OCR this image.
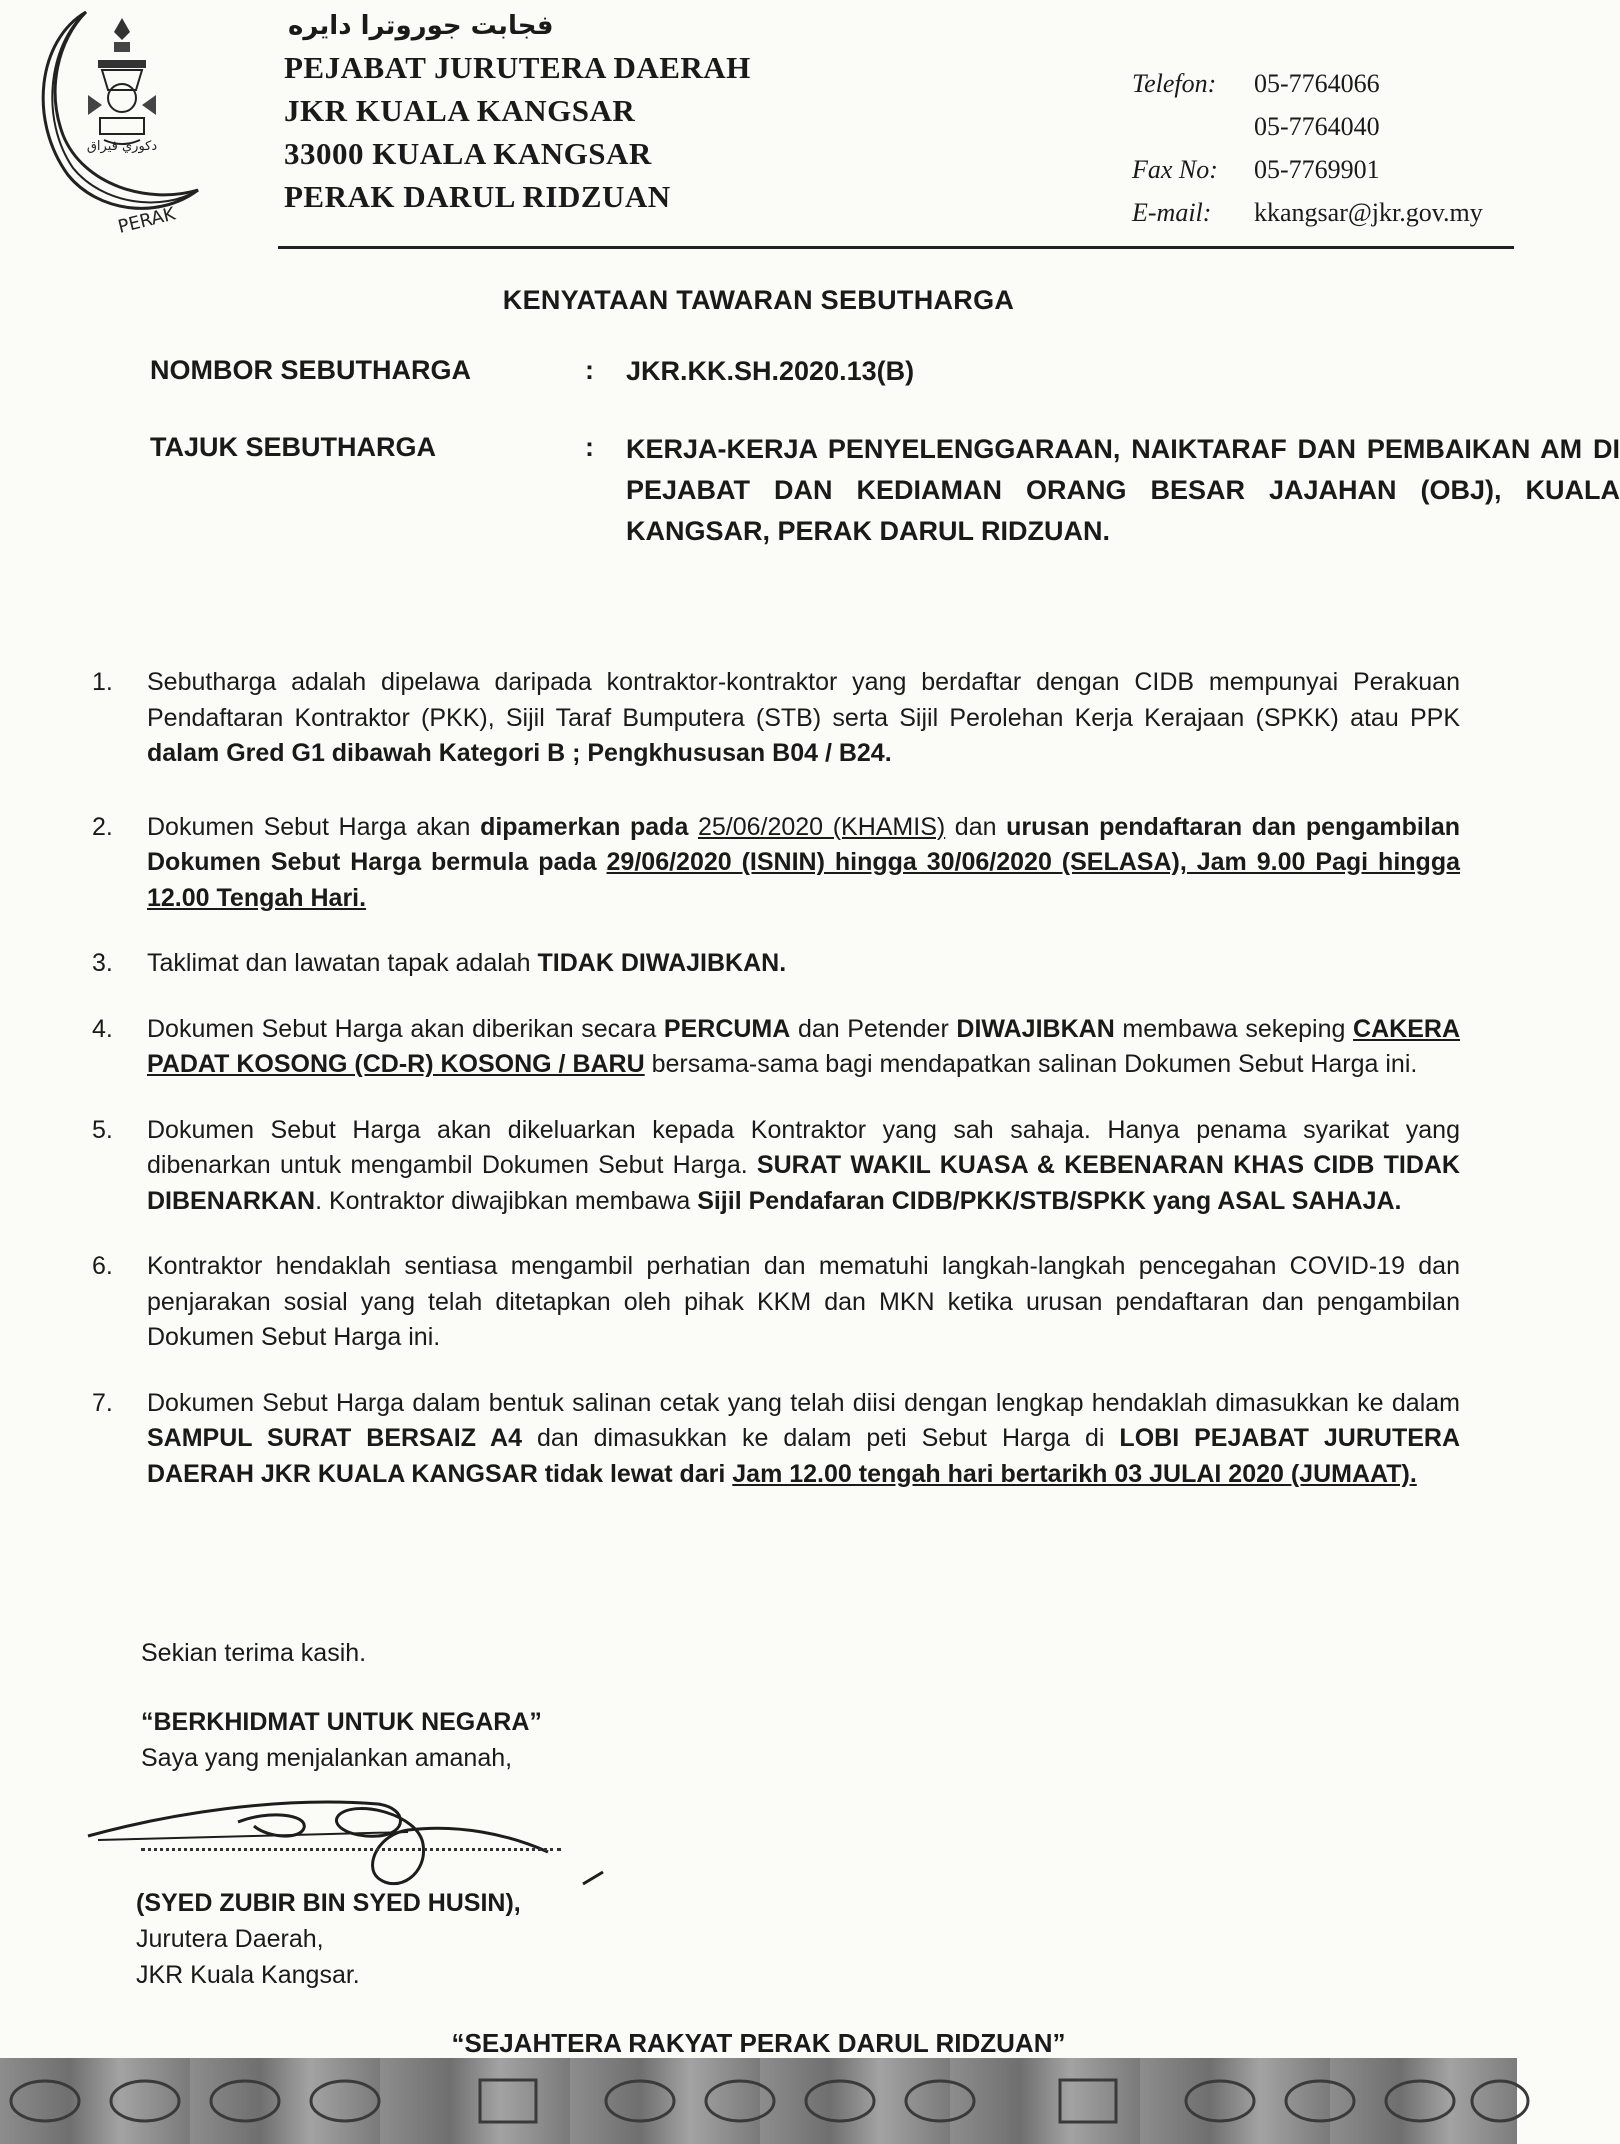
دكوري فيراق
PERAK
فجابت جوروترا دايره
PEJABAT JURUTERA DAERAH
JKR KUALA KANGSAR
33000 KUALA KANGSAR
PERAK DARUL RIDZUAN
Telefon:	05-7764066
05-7764040
Fax No:	05-7769901
E-mail:	kkangsar@jkr.gov.my
KENYATAAN TAWARAN SEBUTHARGA
NOMBOR SEBUTHARGA	: JKR.KK.SH.2020.13(B)
TAJUK SEBUTHARGA	: KERJA-KERJA PENYELENGGARAAN, NAIKTARAF DAN PEMBAIKAN AM DI PEJABAT DAN KEDIAMAN ORANG BESAR JAJAHAN (OBJ), KUALA KANGSAR, PERAK DARUL RIDZUAN.
1. Sebutharga adalah dipelawa daripada kontraktor-kontraktor yang berdaftar dengan CIDB mempunyai Perakuan Pendaftaran Kontraktor (PKK), Sijil Taraf Bumputera (STB) serta Sijil Perolehan Kerja Kerajaan (SPKK) atau PPK dalam Gred G1 dibawah Kategori B ; Pengkhususan B04 / B24.
2. Dokumen Sebut Harga akan dipamerkan pada 25/06/2020 (KHAMIS) dan urusan pendaftaran dan pengambilan Dokumen Sebut Harga bermula pada 29/06/2020 (ISNIN) hingga 30/06/2020 (SELASA), Jam 9.00 Pagi hingga 12.00 Tengah Hari.
3. Taklimat dan lawatan tapak adalah TIDAK DIWAJIBKAN.
4. Dokumen Sebut Harga akan diberikan secara PERCUMA dan Petender DIWAJIBKAN membawa sekeping CAKERA PADAT KOSONG (CD-R) KOSONG / BARU bersama-sama bagi mendapatkan salinan Dokumen Sebut Harga ini.
5. Dokumen Sebut Harga akan dikeluarkan kepada Kontraktor yang sah sahaja. Hanya penama syarikat yang dibenarkan untuk mengambil Dokumen Sebut Harga. SURAT WAKIL KUASA & KEBENARAN KHAS CIDB TIDAK DIBENARKAN. Kontraktor diwajibkan membawa Sijil Pendafaran CIDB/PKK/STB/SPKK yang ASAL SAHAJA.
6. Kontraktor hendaklah sentiasa mengambil perhatian dan mematuhi langkah-langkah pencegahan COVID-19 dan penjarakan sosial yang telah ditetapkan oleh pihak KKM dan MKN ketika urusan pendaftaran dan pengambilan Dokumen Sebut Harga ini.
7. Dokumen Sebut Harga dalam bentuk salinan cetak yang telah diisi dengan lengkap hendaklah dimasukkan ke dalam SAMPUL SURAT BERSAIZ A4 dan dimasukkan ke dalam peti Sebut Harga di LOBI PEJABAT JURUTERA DAERAH JKR KUALA KANGSAR tidak lewat dari Jam 12.00 tengah hari bertarikh 03 JULAI 2020 (JUMAAT).
Sekian terima kasih.
“BERKHIDMAT UNTUK NEGARA”
Saya yang menjalankan amanah,
(SYED ZUBIR BIN SYED HUSIN),
Jurutera Daerah,
JKR Kuala Kangsar.
“SEJAHTERA RAKYAT PERAK DARUL RIDZUAN”
